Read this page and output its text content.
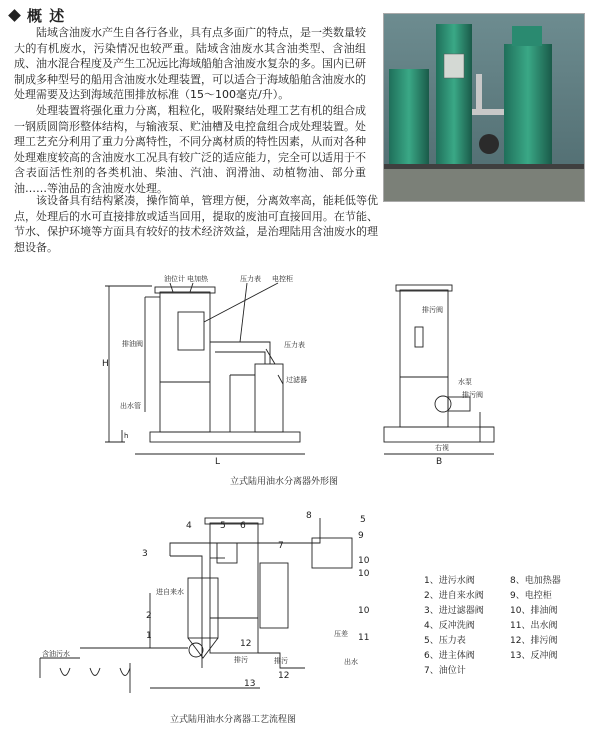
概 述
陆域含油废水产生自各行各业，具有点多面广的特点，是一类数量较大的有机废水，污染情况也较严重。陆域含油废水其含油类型、含油组成、油水混合程度及产生工况远比海域船舶含油废水复杂的多。国内已研制成多种型号的船用含油废水处理装置，可以适合于海域船舶含油废水的处理需要及达到海域范围排放标准（15～100毫克/升）。
处理装置将强化重力分离，粗粒化，吸附聚结处理工艺有机的组合成一钢质圆筒形整体结构，与输液泵、贮油槽及电控盒组合成处理装置。处理工艺充分利用了重力分离特性，不同分离材质的特性因素，从而对各种处理难度较高的含油废水工况具有较广泛的适应能力，完全可以适用于不含表面活性剂的各类机油、柴油、汽油、润滑油、动植物油、部分重油……等油品的含油废水处理。
该设备具有结构紧凑，操作简单，管理方便，分离效率高，能耗低等优点，处理后的水可直接排放或适当回用，提取的废油可直接回用。在节能、节水、保护环境等方面具有较好的技术经济效益，是治理陆用含油废水的理想设备。
油位计 电加热	压力表 电控柜
排油阀	压力表
过滤器
出水管
H
h
L
排污阀
水泵
排污阀
右视
B
立式陆用油水分离器外形图
1
2
3
4	5 6
7
8
9
10
10
10
11
12
12
13
5
含油污水
进自来水
排污	排污
压差
出水
立式陆用油水分离器工艺流程图
1、进污水阀
2、进自来水阀
3、进过滤器阀
4、反冲洗阀
5、压力表
6、进主体阀
7、油位计
8、电加热器
9、电控柜
10、排油阀
11、出水阀
12、排污阀
13、反冲阀
